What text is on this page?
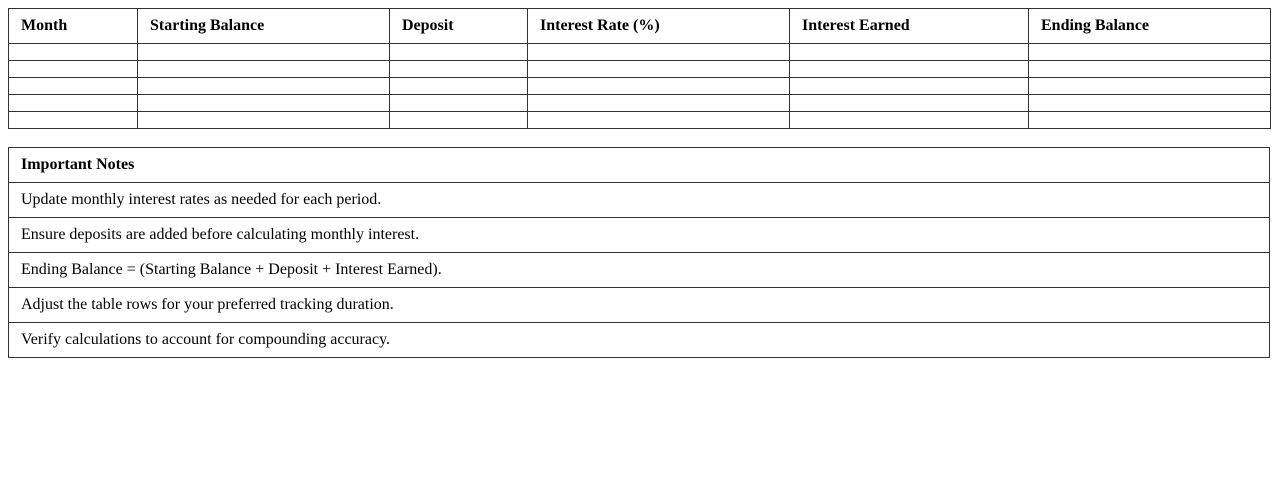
Month	Starting Balance	Deposit	Interest Rate (%)	Interest Earned	Ending Balance

Important Notes
Update monthly interest rates as needed for each period.
Ensure deposits are added before calculating monthly interest.
Ending Balance = (Starting Balance + Deposit + Interest Earned).
Adjust the table rows for your preferred tracking duration.
Verify calculations to account for compounding accuracy.
